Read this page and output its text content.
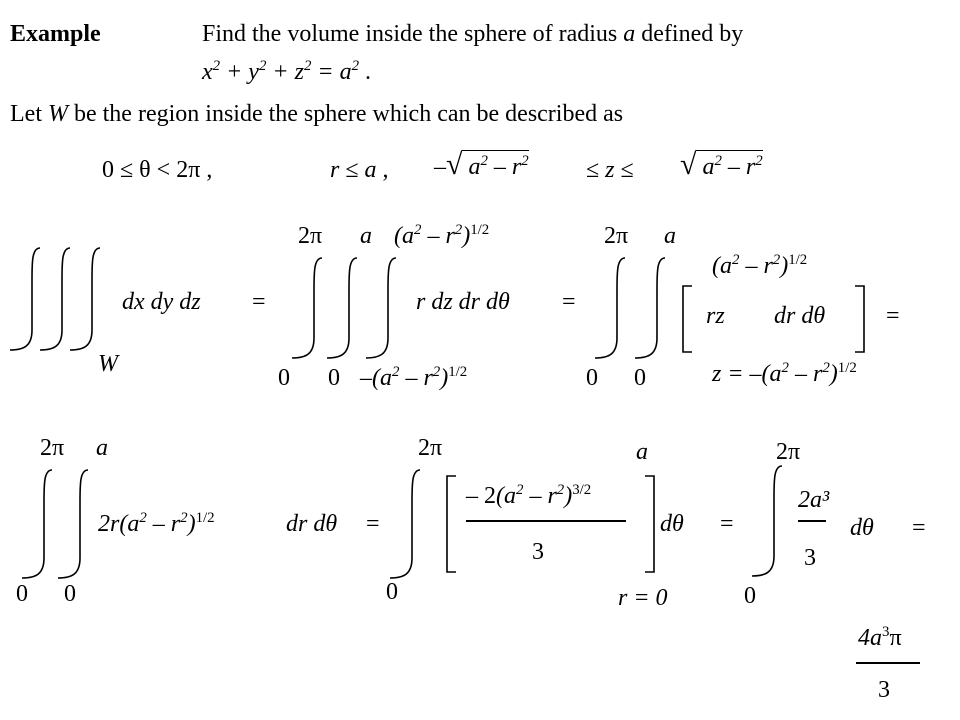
Example	Find the volume inside the sphere of radius a defined by
$x^2 + y^2 + z^2 = a^2$ .
Let W be the region inside the sphere which can be described as
0 ≤ θ < 2π ,	r ≤ a , –√ $a^2 - r^2 \le z$ ≤ √ $a^2 - r^2$
dx dy dz =
W
2π a $(a^2 - r^2)^{1/2}$
0 0 $-(a^2 - r^2)^{1/2}$
r dz dr dθ =
2π a
0 0
$(a^2 - r^2)^{1/2}$
rz dr dθ	=
$z = -(a^2 - r^2)^{1/2}$
2π a
$2r(a^2 - r^2)^{1/2}$	dr dθ =
0 0
2π
– $2(a^2 - r^2)^{3/2}$
3
a
dθ =
0	r = 0
2π
2a³
3
dθ =
0
$4a^3\pi$
3
